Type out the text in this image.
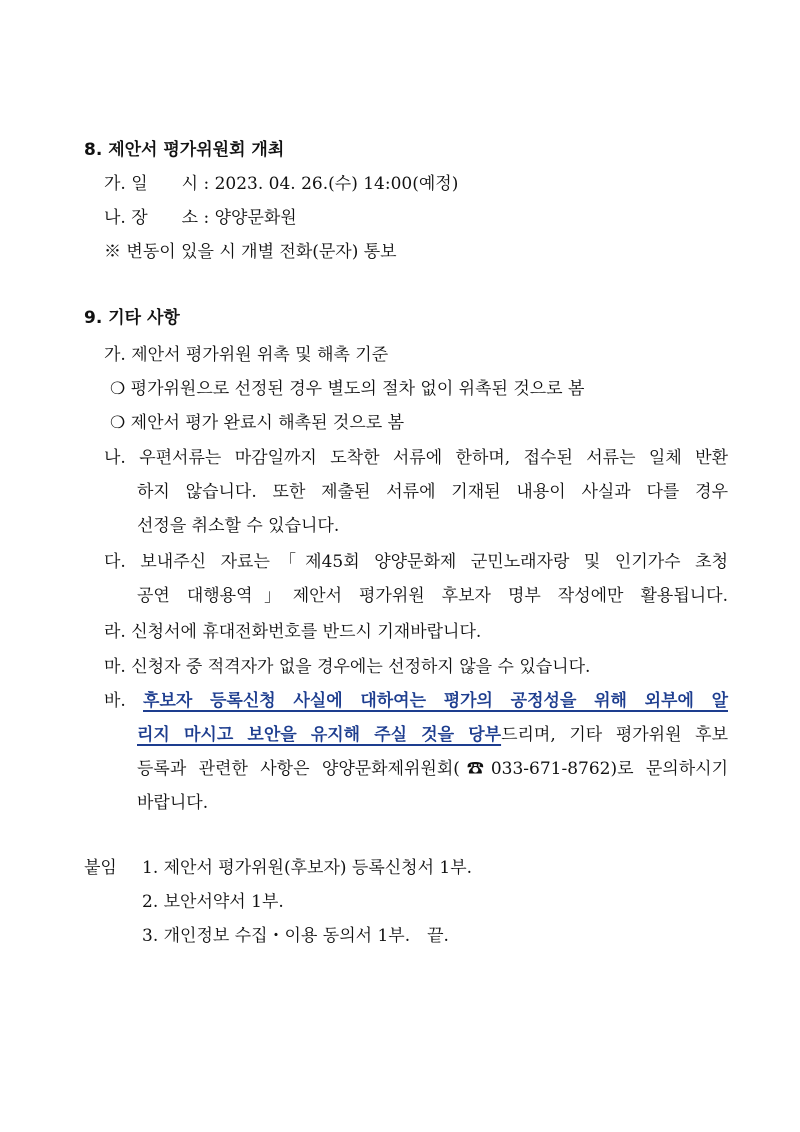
8. 제안서 평가위원회 개최
가. 일　　시 : 2023. 04. 26.(수) 14:00(예정)
나. 장　　소 : 양양문화원
※ 변동이 있을 시 개별 전화(문자) 통보
9. 기타 사항
가. 제안서 평가위원 위촉 및 해촉 기준
❍ 평가위원으로 선정된 경우 별도의 절차 없이 위촉된 것으로 봄
❍ 제안서 평가 완료시 해촉된 것으로 봄
나. 우편서류는 마감일까지 도착한 서류에 한하며, 접수된 서류는 일체 반환
하지 않습니다. 또한 제출된 서류에 기재된 내용이 사실과 다를 경우
선정을 취소할 수 있습니다.
다. 보내주신 자료는「제45회 양양문화제 군민노래자랑 및 인기가수 초청
공연 대행용역」제안서 평가위원 후보자 명부 작성에만 활용됩니다.
라. 신청서에 휴대전화번호를 반드시 기재바랍니다.
마. 신청자 중 적격자가 없을 경우에는 선정하지 않을 수 있습니다.
바. 후보자 등록신청 사실에 대하여는 평가의 공정성을 위해 외부에 알
리지 마시고 보안을 유지해 주실 것을 당부드리며, 기타 평가위원 후보
등록과 관련한 사항은 양양문화제위원회(☎033-671-8762)로 문의하시기
바랍니다.
붙임 1. 제안서 평가위원(후보자) 등록신청서 1부.
2. 보안서약서 1부.
3. 개인정보 수집・이용 동의서 1부.　끝.
